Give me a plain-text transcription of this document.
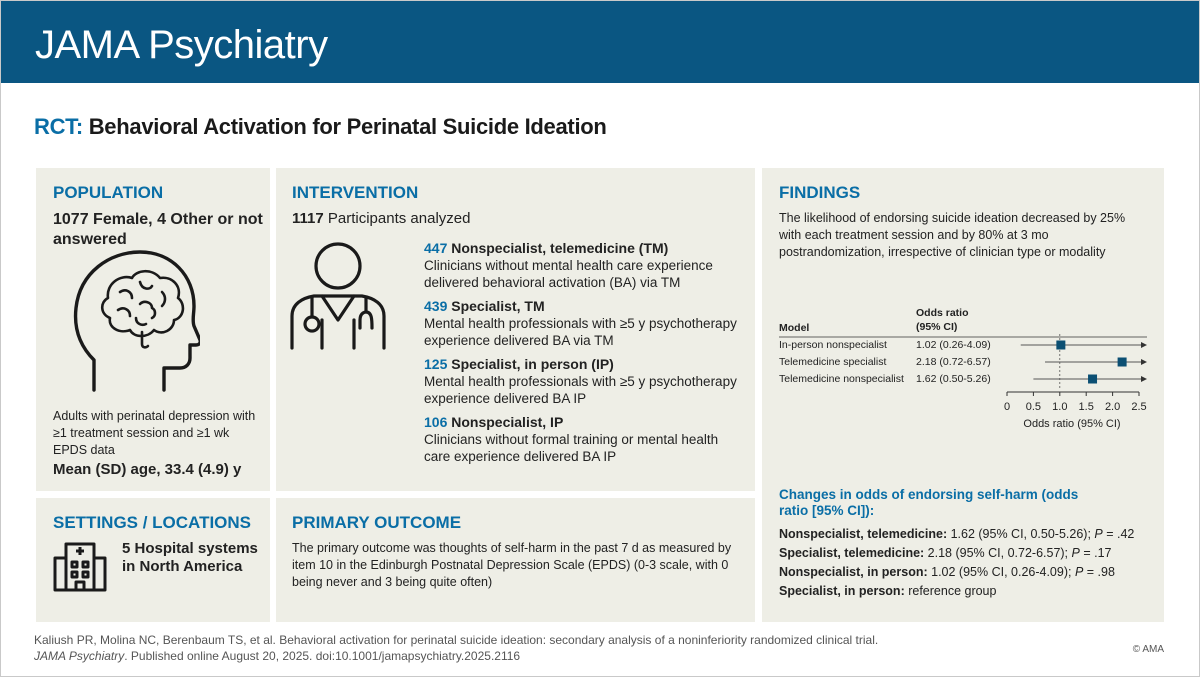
JAMA Psychiatry
RCT: Behavioral Activation for Perinatal Suicide Ideation
POPULATION
1077 Female, 4 Other or not answered
Adults with perinatal depression with ≥1 treatment session and ≥1 wk EPDS data
Mean (SD) age, 33.4 (4.9) y
INTERVENTION
1117 Participants analyzed
447 Nonspecialist, telemedicine (TM)
Clinicians without mental health care experience delivered behavioral activation (BA) via TM
439 Specialist, TM
Mental health professionals with ≥5 y psychotherapy experience delivered BA via TM
125 Specialist, in person (IP)
Mental health professionals with ≥5 y psychotherapy experience delivered BA IP
106 Nonspecialist, IP
Clinicians without formal training or mental health care experience delivered BA IP
FINDINGS
The likelihood of endorsing suicide ideation decreased by 25% with each treatment session and by 80% at 3 mo postrandomization, irrespective of clinician type or modality
Odds ratio (95% CI)
Model
In-person nonspecialist	1.02 (0.26-4.09)
Telemedicine specialist	2.18 (0.72-6.57)
Telemedicine nonspecialist 1.62 (0.50-5.26)
0 0.5 1.0 1.5 2.0 2.5
Odds ratio (95% CI)
Changes in odds of endorsing self-harm (odds ratio [95% CI]):
Nonspecialist, telemedicine: 1.62 (95% CI, 0.50-5.26); P = .42
Specialist, telemedicine: 2.18 (95% CI, 0.72-6.57); P = .17
Nonspecialist, in person: 1.02 (95% CI, 0.26-4.09); P = .98
Specialist, in person: reference group
SETTINGS / LOCATIONS
5 Hospital systems in North America
PRIMARY OUTCOME
The primary outcome was thoughts of self-harm in the past 7 d as measured by item 10 in the Edinburgh Postnatal Depression Scale (EPDS) (0-3 scale, with 0 being never and 3 being quite often)
Kaliush PR, Molina NC, Berenbaum TS, et al. Behavioral activation for perinatal suicide ideation: secondary analysis of a noninferiority randomized clinical trial.
JAMA Psychiatry. Published online August 20, 2025. doi:10.1001/jamapsychiatry.2025.2116	© AMA
